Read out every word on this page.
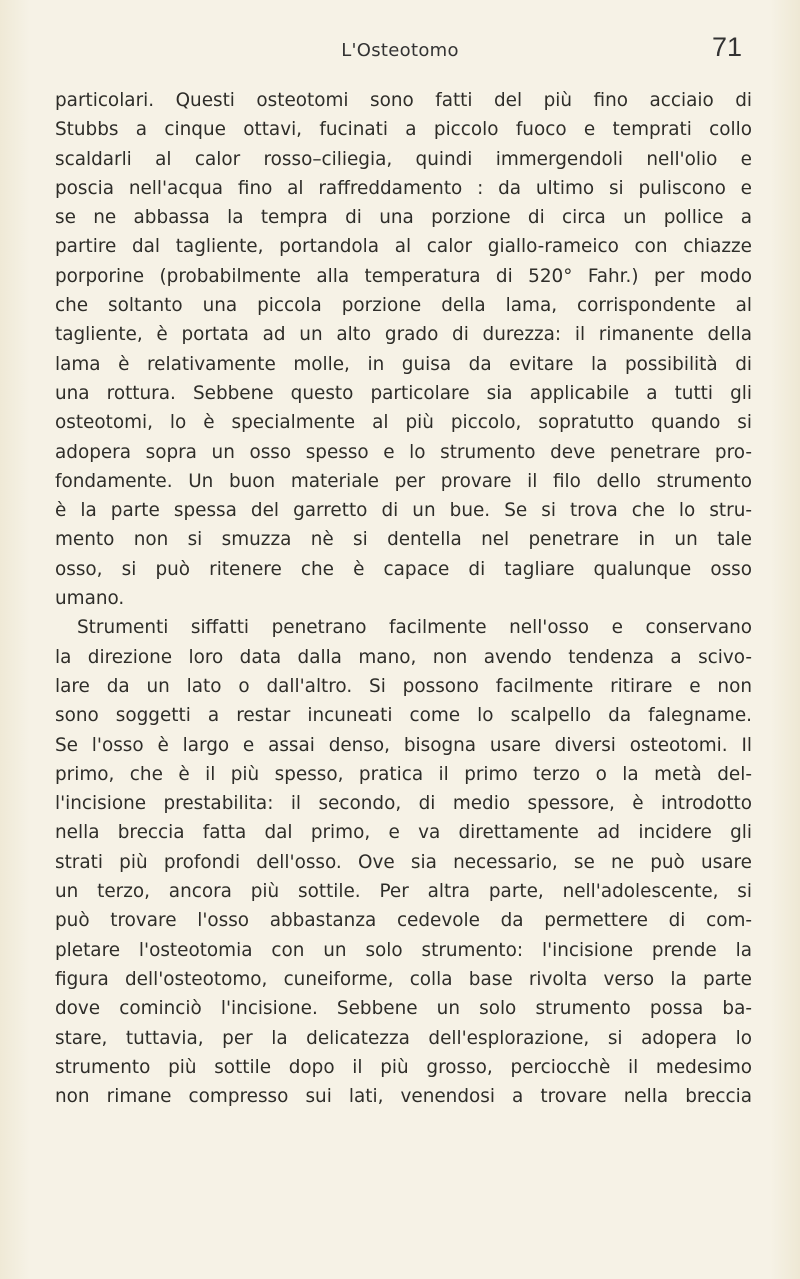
L'Osteotomo	71
particolari. Questi osteotomi sono fatti del più fino acciaio di
Stubbs a cinque ottavi, fucinati a piccolo fuoco e temprati collo
scaldarli al calor rosso–ciliegia, quindi immergendoli nell'olio e
poscia nell'acqua fino al raffreddamento : da ultimo si puliscono e
se ne abbassa la tempra di una porzione di circa un pollice a
partire dal tagliente, portandola al calor giallo-rameico con chiazze
porporine (probabilmente alla temperatura di 520° Fahr.) per modo
che soltanto una piccola porzione della lama, corrispondente al
tagliente, è portata ad un alto grado di durezza: il rimanente della
lama è relativamente molle, in guisa da evitare la possibilità di
una rottura. Sebbene questo particolare sia applicabile a tutti gli
osteotomi, lo è specialmente al più piccolo, sopratutto quando si
adopera sopra un osso spesso e lo strumento deve penetrare pro-
fondamente. Un buon materiale per provare il filo dello strumento
è la parte spessa del garretto di un bue. Se si trova che lo stru-
mento non si smuzza nè si dentella nel penetrare in un tale
osso, si può ritenere che è capace di tagliare qualunque osso
umano.
Strumenti siffatti penetrano facilmente nell'osso e conservano
la direzione loro data dalla mano, non avendo tendenza a scivo-
lare da un lato o dall'altro. Si possono facilmente ritirare e non
sono soggetti a restar incuneati come lo scalpello da falegname.
Se l'osso è largo e assai denso, bisogna usare diversi osteotomi. Il
primo, che è il più spesso, pratica il primo terzo o la metà del-
l'incisione prestabilita: il secondo, di medio spessore, è introdotto
nella breccia fatta dal primo, e va direttamente ad incidere gli
strati più profondi dell'osso. Ove sia necessario, se ne può usare
un terzo, ancora più sottile. Per altra parte, nell'adolescente, si
può trovare l'osso abbastanza cedevole da permettere di com-
pletare l'osteotomia con un solo strumento: l'incisione prende la
figura dell'osteotomo, cuneiforme, colla base rivolta verso la parte
dove cominciò l'incisione. Sebbene un solo strumento possa ba-
stare, tuttavia, per la delicatezza dell'esplorazione, si adopera lo
strumento più sottile dopo il più grosso, perciocchè il medesimo
non rimane compresso sui lati, venendosi a trovare nella breccia
